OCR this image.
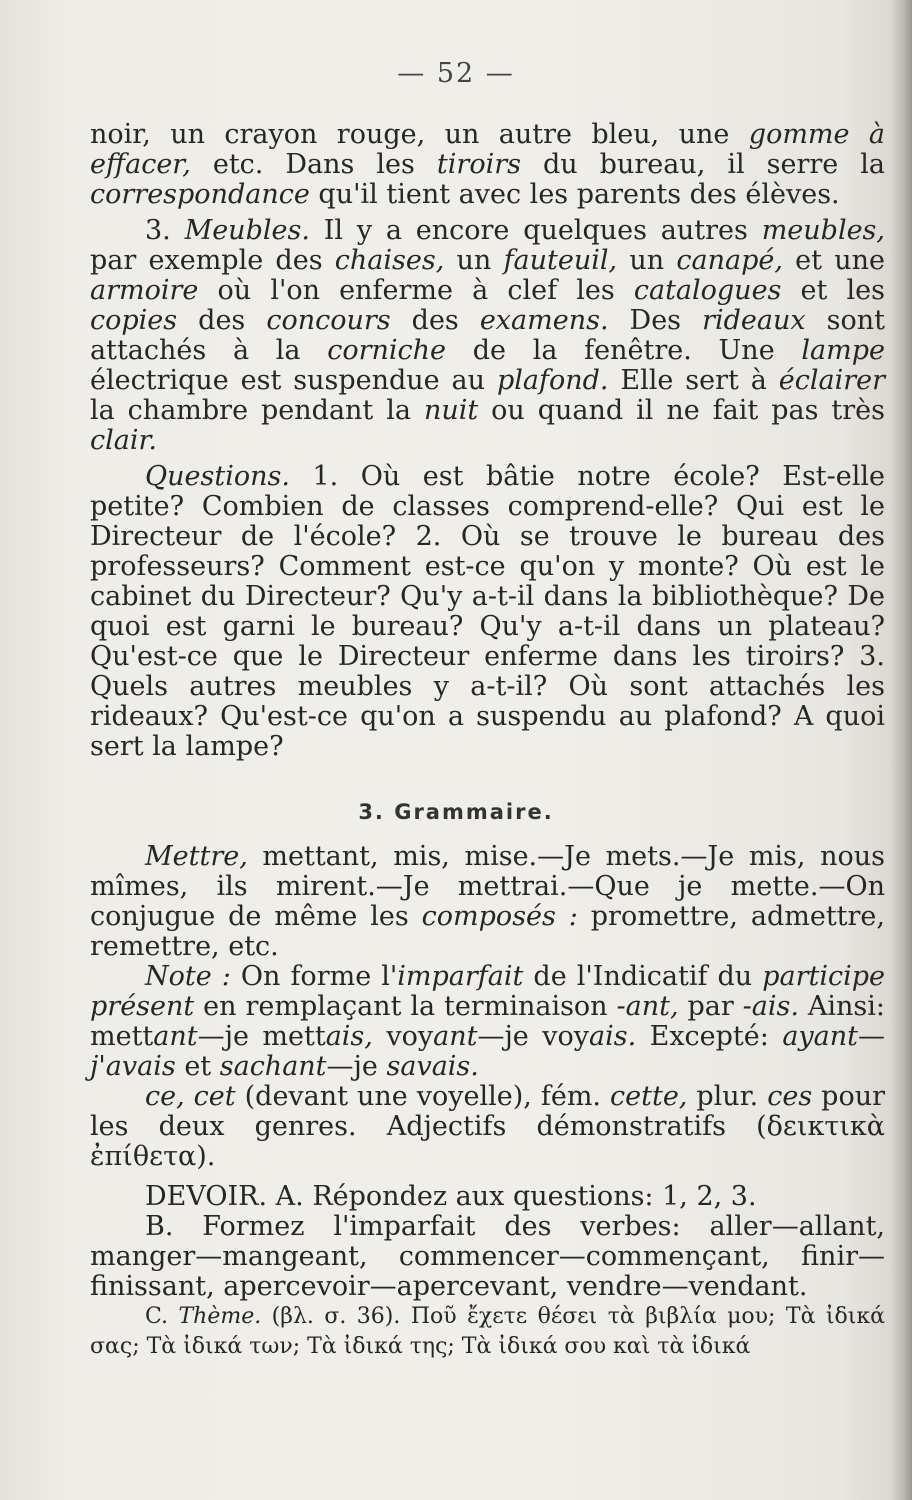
— 52 —

noir, un crayon rouge, un autre bleu, une gomme à effacer, etc. Dans les tiroirs du bureau, il serre la correspondance qu'il tient avec les parents des élèves.

3. Meubles. Il y a encore quelques autres meubles, par exemple des chaises, un fauteuil, un canapé, et une armoire où l'on enferme à clef les catalogues et les copies des concours des examens. Des rideaux sont attachés à la corniche de la fenêtre. Une lampe électrique est suspendue au plafond. Elle sert à éclairer la chambre pendant la nuit ou quand il ne fait pas très clair.

Questions. 1. Où est bâtie notre école? Est-elle petite? Combien de classes comprend-elle? Qui est le Directeur de l'école? 2. Où se trouve le bureau des professeurs? Comment est-ce qu'on y monte? Où est le cabinet du Directeur? Qu'y a-t-il dans la bibliothèque? De quoi est garni le bureau? Qu'y a-t-il dans un plateau? Qu'est-ce que le Directeur enferme dans les tiroirs? 3. Quels autres meubles y a-t-il? Où sont attachés les rideaux? Qu'est-ce qu'on a suspendu au plafond? A quoi sert la lampe?

3. Grammaire.

Mettre, mettant, mis, mise.—Je mets.—Je mis, nous mîmes, ils mirent.—Je mettrai.—Que je mette.—On conjugue de même les composés : promettre, admettre, remettre, etc.

Note : On forme l'imparfait de l'Indicatif du participe présent en remplaçant la terminaison -ant, par -ais. Ainsi: mettant—je mettais, voyant—je voyais. Excepté: ayant—j'avais et sachant—je savais.

ce, cet (devant une voyelle), fém. cette, plur. ces pour les deux genres. Adjectifs démonstratifs (δεικτικὰ ἐπίθετα).

DEVOIR. A. Répondez aux questions: 1, 2, 3.

B. Formez l'imparfait des verbes: aller—allant, manger—mangeant, commencer—commençant, finir—finissant, apercevoir—apercevant, vendre—vendant.

C. Thème. (βλ. σ. 36). Ποῦ ἔχετε θέσει τὰ βιβλία μου; Τὰ ἰδικά σας; Τὰ ἰδικά των; Τὰ ἰδικά της; Τὰ ἰδικά σου καὶ τὰ ἰδικά
